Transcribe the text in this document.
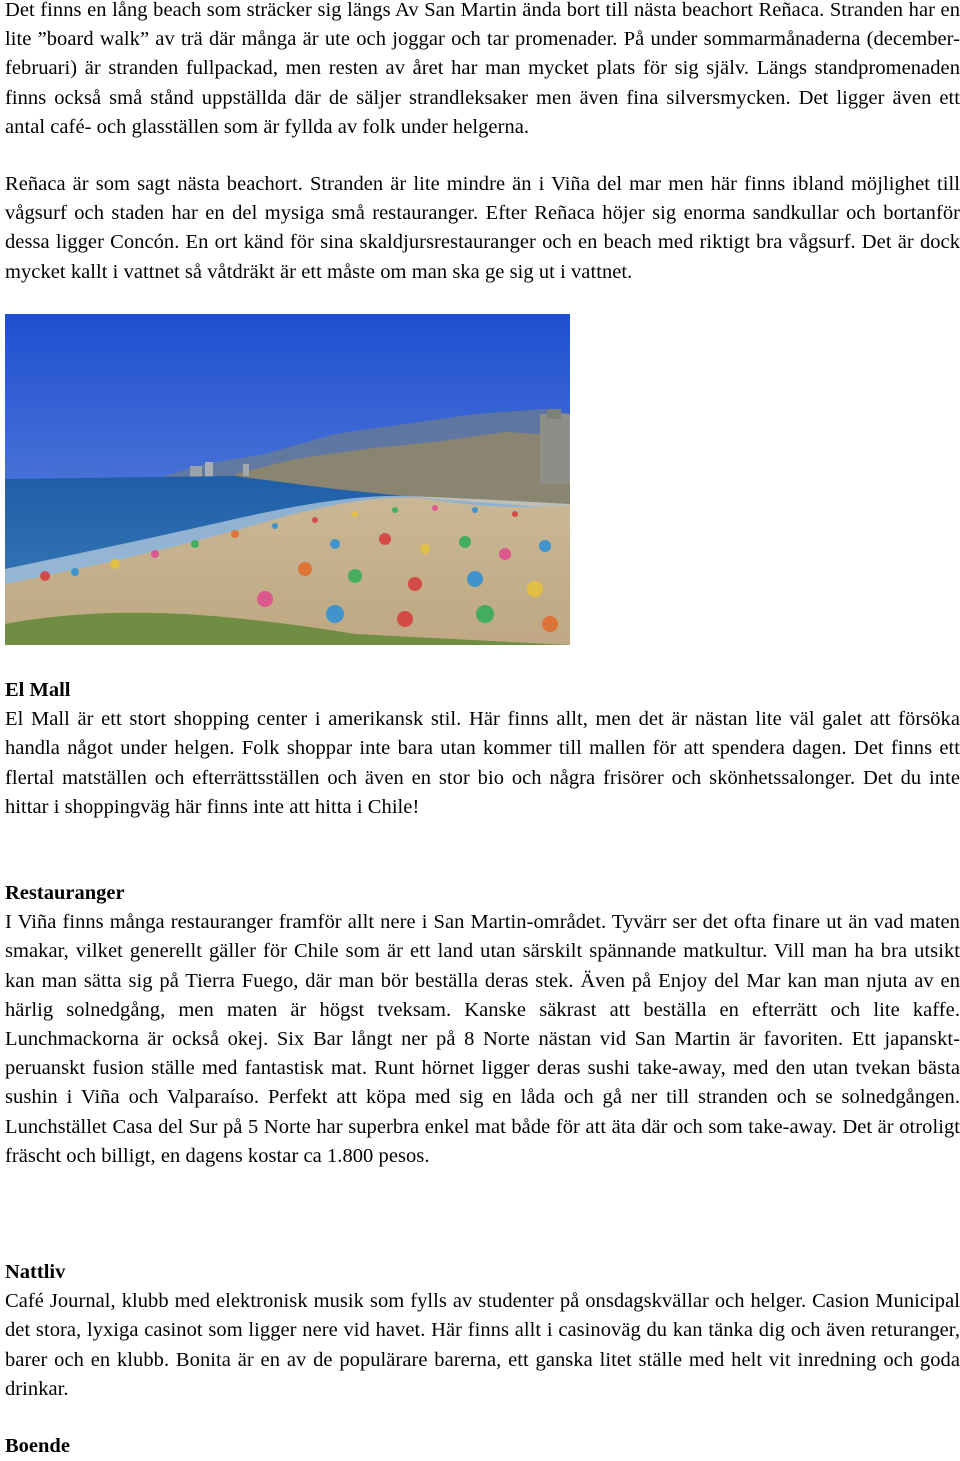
Det finns en lång beach som sträcker sig längs Av San Martin ända bort till nästa beachort Reñaca. Stranden har en lite ”board walk” av trä där många är ute och joggar och tar promenader. På under sommarmånaderna (december-februari) är stranden fullpackad, men resten av året har man mycket plats för sig själv. Längs standpromenaden finns också små stånd uppställda där de säljer strandleksaker men även fina silversmycken. Det ligger även ett antal café- och glasställen som är fyllda av folk under helgerna.

Reñaca är som sagt nästa beachort. Stranden är lite mindre än i Viña del mar men här finns ibland möjlighet till vågsurf och staden har en del mysiga små restauranger. Efter Reñaca höjer sig enorma sandkullar och bortanför dessa ligger Concón. En ort känd för sina skaldjursrestauranger och en beach med riktigt bra vågsurf. Det är dock mycket kallt i vattnet så våtdräkt är ett måste om man ska ge sig ut i vattnet.

El Mall

El Mall är ett stort shopping center i amerikansk stil. Här finns allt, men det är nästan lite väl galet att försöka handla något under helgen. Folk shoppar inte bara utan kommer till mallen för att spendera dagen. Det finns ett flertal matställen och efterrättsställen och även en stor bio och några frisörer och skönhetssalonger. Det du inte hittar i shoppingväg här finns inte att hitta i Chile!

Restauranger

I Viña finns många restauranger framför allt nere i San Martin-området. Tyvärr ser det ofta finare ut än vad maten smakar, vilket generellt gäller för Chile som är ett land utan särskilt spännande matkultur. Vill man ha bra utsikt kan man sätta sig på Tierra Fuego, där man bör beställa deras stek. Även på Enjoy del Mar kan man njuta av en härlig solnedgång, men maten är högst tveksam. Kanske säkrast att beställa en efterrätt och lite kaffe. Lunchmackorna är också okej. Six Bar långt ner på 8 Norte nästan vid San Martin är favoriten. Ett japanskt-peruanskt fusion ställe med fantastisk mat. Runt hörnet ligger deras sushi take-away, med den utan tvekan bästa sushin i Viña och Valparaíso. Perfekt att köpa med sig en låda och gå ner till stranden och se solnedgången. Lunchstället Casa del Sur på 5 Norte har superbra enkel mat både för att äta där och som take-away. Det är otroligt fräscht och billigt, en dagens kostar ca 1.800 pesos.

Nattliv

Café Journal, klubb med elektronisk musik som fylls av studenter på onsdagskvällar och helger. Casion Municipal det stora, lyxiga casinot som ligger nere vid havet. Här finns allt i casinoväg du kan tänka dig och även returanger, barer och en klubb. Bonita är en av de populärare barerna, ett ganska litet ställe med helt vit inredning och goda drinkar.

Boende
